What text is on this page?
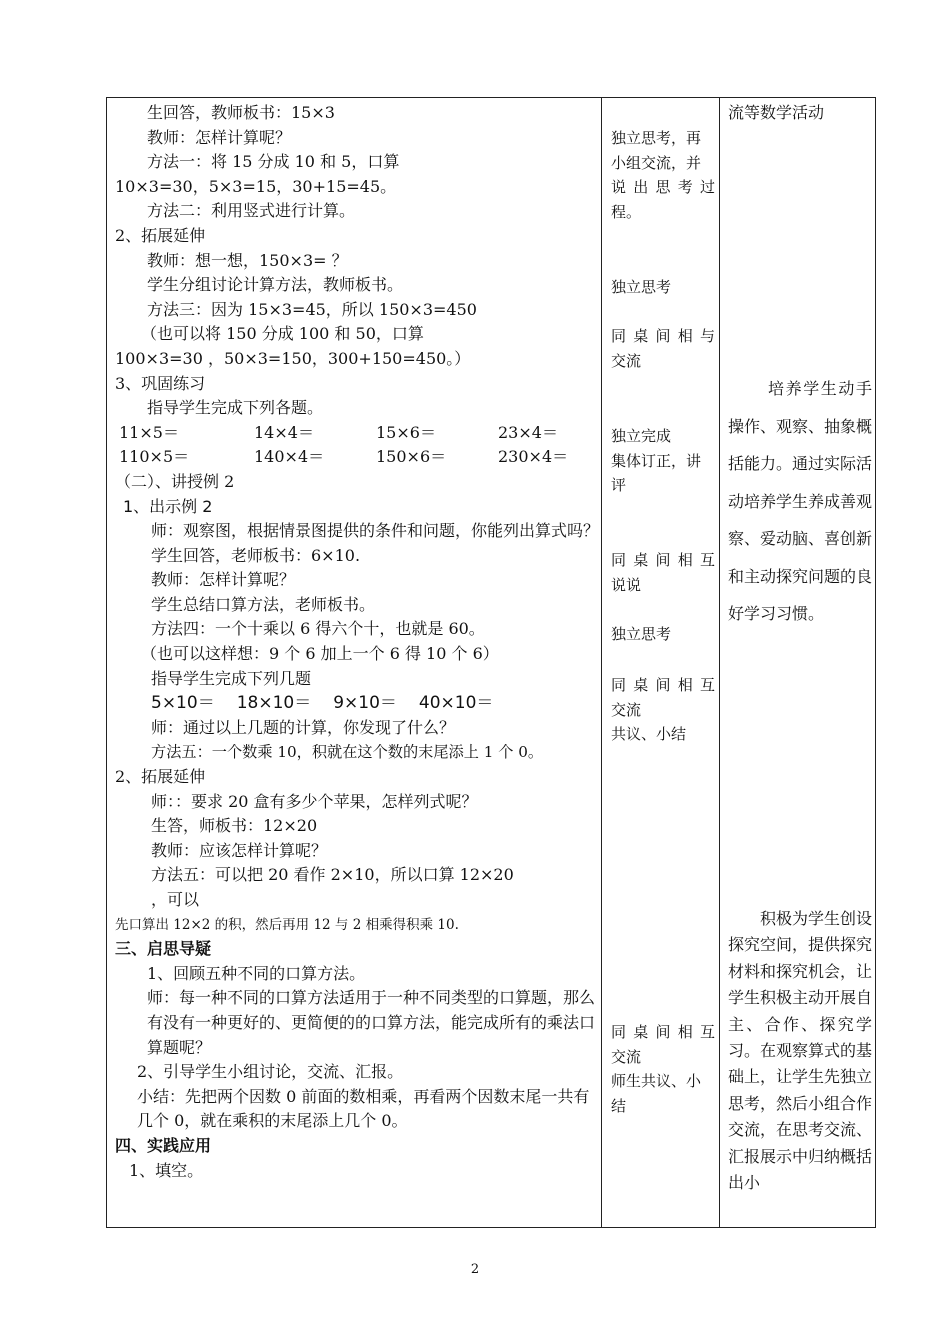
生回答，教师板书：15×3
教师：怎样计算呢？
方法一：将 15 分成 10 和 5，口算
10×3=30，5×3=15，30+15=45。
方法二：利用竖式进行计算。
2、拓展延伸
教师：想一想，150×3= ？
学生分组讨论计算方法，教师板书。
方法三：因为 15×3=45，所以 150×3=450
（也可以将 150 分成 100 和 50，口算
100×3=30 ，50×3=150，300+150=450。）
3、巩固练习
指导学生完成下列各题。
11×5＝	14×4＝	15×6＝	23×4＝
110×5＝	140×4＝	150×6＝	230×4＝
（二）、讲授例 2
1、出示例 2
师：观察图，根据情景图提供的条件和问题，你能列出算式吗？
学生回答，老师板书：6×10.
教师：怎样计算呢？
学生总结口算方法，老师板书。
方法四：一个十乘以 6 得六个十，也就是 60。
（也可以这样想：9 个 6 加上一个 6 得 10 个 6）
指导学生完成下列几题
5×10＝ 18×10＝ 9×10＝ 40×10＝
师：通过以上几题的计算，你发现了什么？
方法五：一个数乘 10，积就在这个数的末尾添上 1 个 0。
2、拓展延伸
师：：要求 20 盒有多少个苹果，怎样列式呢？
生答，师板书：12×20
教师：应该怎样计算呢？
方法五：可以把 20 看作 2×10，所以口算 12×20
，可以
先口算出 12×2 的积，然后再用 12 与 2 相乘得积乘 10.
三、启思导疑
1、回顾五种不同的口算方法。
师：每一种不同的口算方法适用于一种不同类型的口算题，那么有没有一种更好的、更简便的的口算方法，能完成所有的乘法口算题呢？
2、引导学生小组讨论，交流、汇报。
小结：先把两个因数 0 前面的数相乘，再看两个因数末尾一共有几个 0，就在乘积的末尾添上几个 0。
四、实践应用
1、填空。
独立思考，再
小组交流，并
说出思考过
程。
独立思考
同桌间相与
交流
独立完成
集体订正，讲
评
同桌间相互
说说
独立思考
同桌间相互
交流
共议、小结
同桌间相互
交流
师生共议、小
结
流等数学活动
培养学生动手操作、观察、抽象概括能力。通过实际活动培养学生养成善观察、爱动脑、喜创新和主动探究问题的良好学习习惯。
积极为学生创设探究空间，提供探究材料和探究机会，让学生积极主动开展自主、合作、探究学习。在观察算式的基础上，让学生先独立思考，然后小组合作交流，在思考交流、汇报展示中归纳概括出小
2
